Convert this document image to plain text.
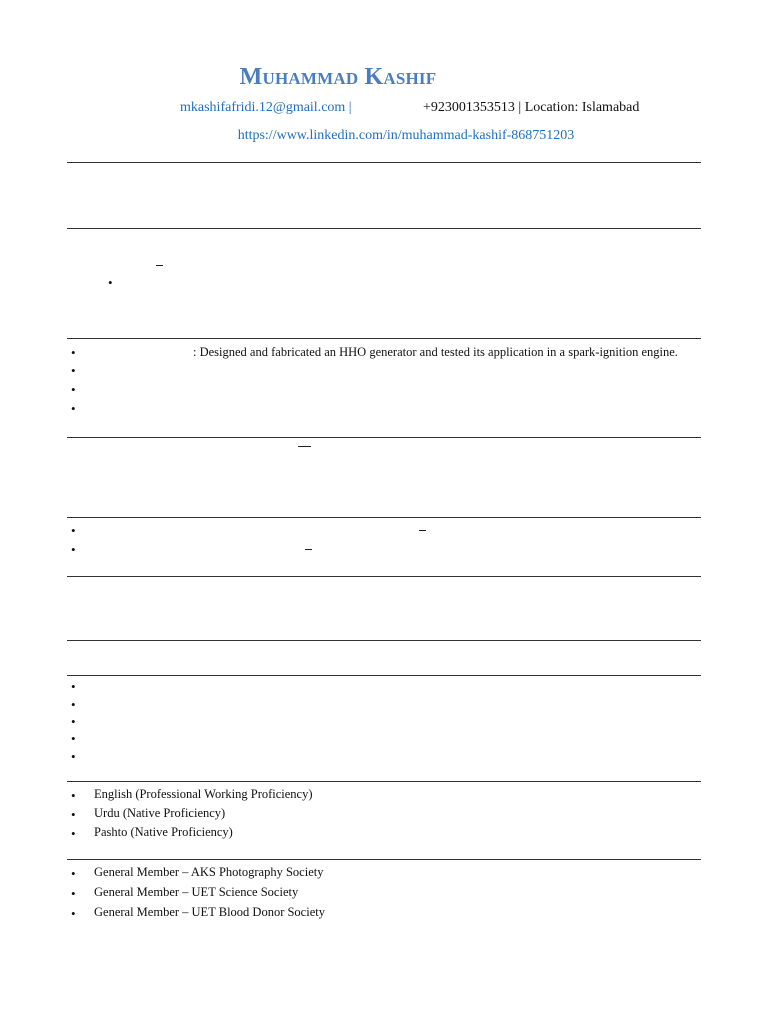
Muhammad Kashif
mkashifafridi.12@gmail.com |	+923001353513 | Location: Islamabad
https://www.linkedin.com/in/muhammad-kashif-868751203
•
•	: Designed and fabricated an HHO generator and tested its application in a spark-ignition engine.
•
•
•
•
•
•
•
•
•
•
• English (Professional Working Proficiency)
• Urdu (Native Proficiency)
• Pashto (Native Proficiency)
• General Member – AKS Photography Society
• General Member – UET Science Society
• General Member – UET Blood Donor Society
